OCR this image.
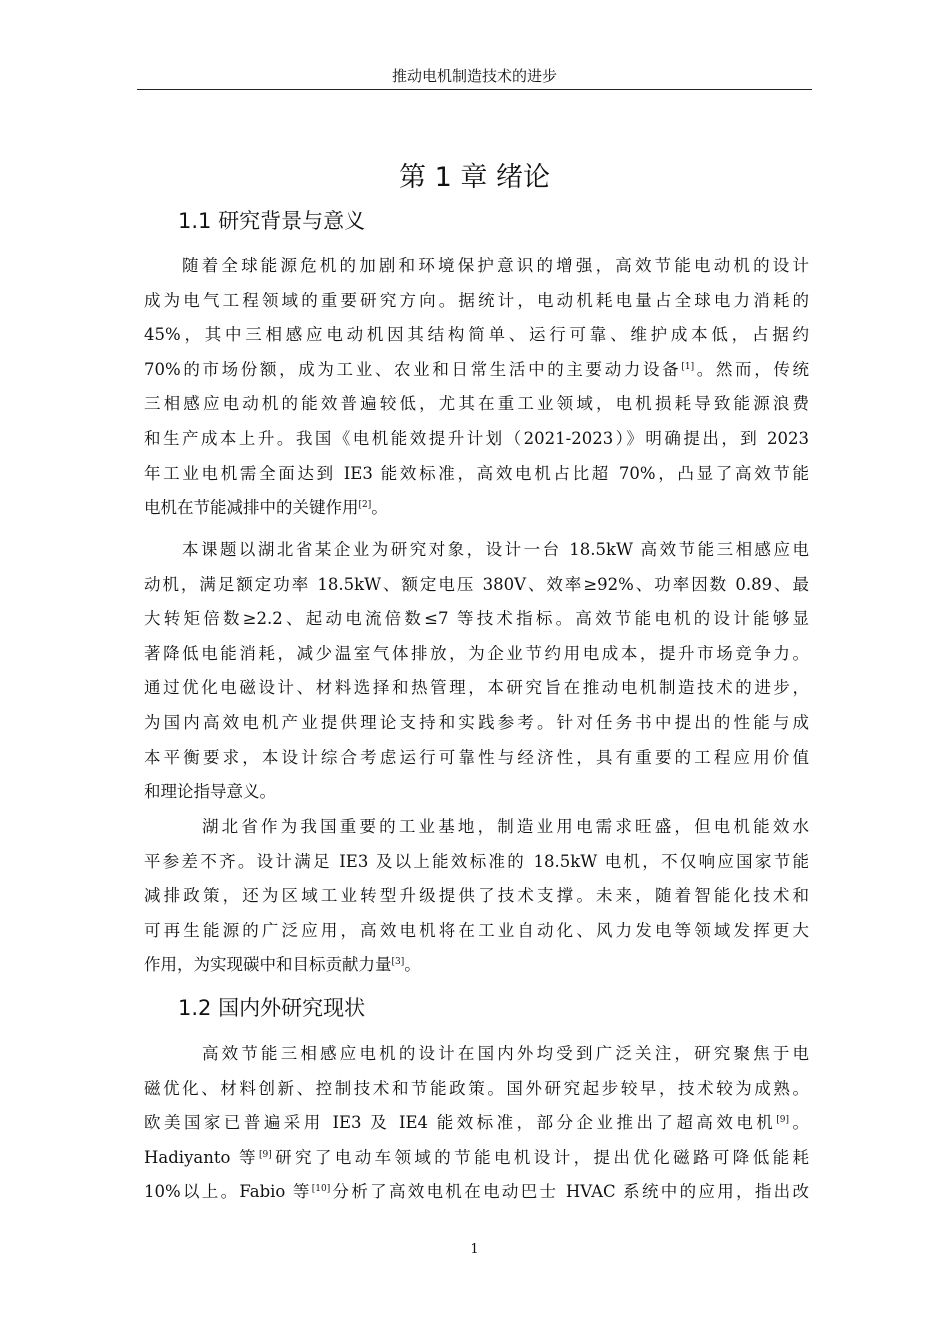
推动电机制造技术的进步
第 1 章 绪论
1.1 研究背景与意义
随着全球能源危机的加剧和环境保护意识的增强，高效节能电动机的设计
成为电气工程领域的重要研究方向。据统计，电动机耗电量占全球电力消耗的
45%，其中三相感应电动机因其结构简单、运行可靠、维护成本低，占据约
70%的市场份额，成为工业、农业和日常生活中的主要动力设备[1]。然而，传统
三相感应电动机的能效普遍较低，尤其在重工业领域，电机损耗导致能源浪费
和生产成本上升。我国《电机能效提升计划（2021-2023）》明确提出，到 2023
年工业电机需全面达到 IE3 能效标准，高效电机占比超 70%，凸显了高效节能
电机在节能减排中的关键作用[2]。
本课题以湖北省某企业为研究对象，设计一台 18.5kW 高效节能三相感应电
动机，满足额定功率 18.5kW、额定电压 380V、效率≥92%、功率因数 0.89、最
大转矩倍数≥2.2、起动电流倍数≤7 等技术指标。高效节能电机的设计能够显
著降低电能消耗，减少温室气体排放，为企业节约用电成本，提升市场竞争力。
通过优化电磁设计、材料选择和热管理，本研究旨在推动电机制造技术的进步，
为国内高效电机产业提供理论支持和实践参考。针对任务书中提出的性能与成
本平衡要求，本设计综合考虑运行可靠性与经济性，具有重要的工程应用价值
和理论指导意义。
湖北省作为我国重要的工业基地，制造业用电需求旺盛，但电机能效水
平参差不齐。设计满足 IE3 及以上能效标准的 18.5kW 电机，不仅响应国家节能
减排政策，还为区域工业转型升级提供了技术支撑。未来，随着智能化技术和
可再生能源的广泛应用，高效电机将在工业自动化、风力发电等领域发挥更大
作用，为实现碳中和目标贡献力量[3]。
1.2 国内外研究现状
高效节能三相感应电机的设计在国内外均受到广泛关注，研究聚焦于电
磁优化、材料创新、控制技术和节能政策。国外研究起步较早，技术较为成熟。
欧美国家已普遍采用 IE3 及 IE4 能效标准，部分企业推出了超高效电机[9]。
Hadiyanto 等[9]研究了电动车领域的节能电机设计，提出优化磁路可降低能耗
10%以上。Fabio 等[10]分析了高效电机在电动巴士 HVAC 系统中的应用，指出改
1
